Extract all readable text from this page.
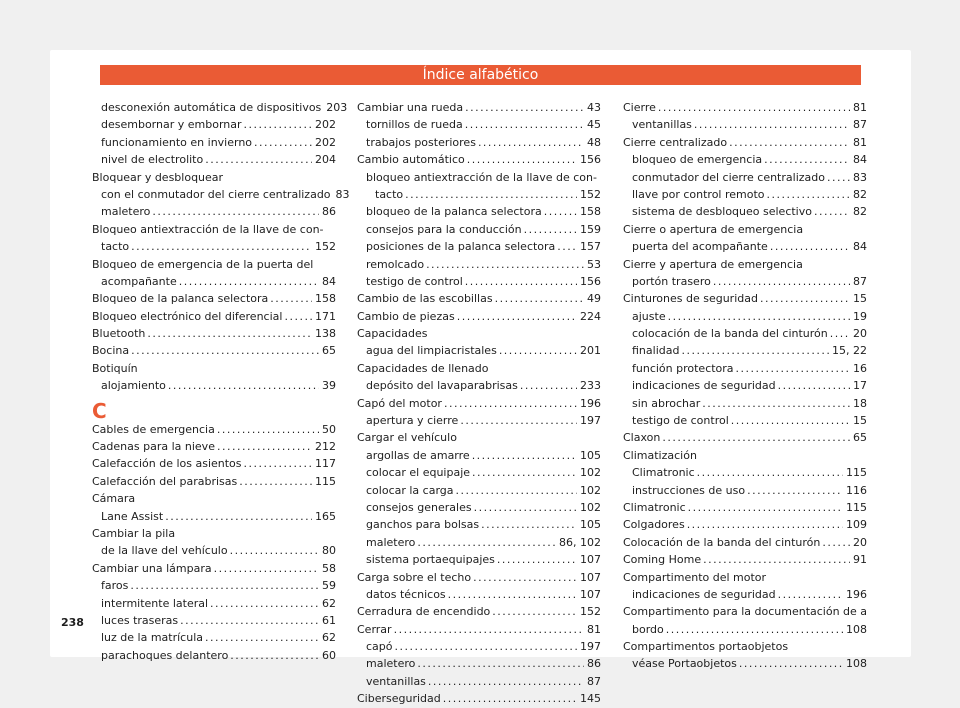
Índice alfabético
desconexión automática de dispositivos 203
desembornar y embornar .....	202
funcionamiento en invierno .....	202
nivel de electrolito .....	204
Bloquear y desbloquear
con el conmutador del cierre centralizado 83
maletero .....	86
Bloqueo antiextracción de la llave de con-
tacto .....	152
Bloqueo de emergencia de la puerta del
acompañante .....	84
Bloqueo de la palanca selectora .....	158
Bloqueo electrónico del diferencial .....	171
Bluetooth .....	138
Bocina .....	65
Botiquín
alojamiento .....	39
C
Cables de emergencia .....	50
Cadenas para la nieve .....	212
Calefacción de los asientos .....	117
Calefacción del parabrisas .....	115
Cámara
Lane Assist .....	165
Cambiar la pila
de la llave del vehículo .....	80
Cambiar una lámpara .....	58
faros .....	59
intermitente lateral .....	62
luces traseras .....	61
luz de la matrícula .....	62
parachoques delantero .....	60
Cambiar una rueda .....	43
tornillos de rueda .....	45
trabajos posteriores .....	48
Cambio automático .....	156
bloqueo antiextracción de la llave de con-
tacto .....	152
bloqueo de la palanca selectora .....	158
consejos para la conducción .....	159
posiciones de la palanca selectora ..... 157
remolcado .....	53
testigo de control .....	156
Cambio de las escobillas .....	49
Cambio de piezas .....	224
Capacidades
agua del limpiacristales .....	201
Capacidades de llenado
depósito del lavaparabrisas .....	233
Capó del motor .....	196
apertura y cierre .....	197
Cargar el vehículo
argollas de amarre .....	105
colocar el equipaje .....	102
colocar la carga .....	102
consejos generales .....	102
ganchos para bolsas .....	105
maletero .....	86, 102
sistema portaequipajes .....	107
Carga sobre el techo .....	107
datos técnicos .....	107
Cerradura de encendido .....	152
Cerrar .....	81
capó .....	197
maletero .....	86
ventanillas .....	87
Ciberseguridad .....	145
Cierre .....	81
ventanillas .....	87
Cierre centralizado .....	81
bloqueo de emergencia .....	84
conmutador del cierre centralizado .....	83
llave por control remoto .....	82
sistema de desbloqueo selectivo .....	82
Cierre o apertura de emergencia
puerta del acompañante .....	84
Cierre y apertura de emergencia
portón trasero .....	87
Cinturones de seguridad .....	15
ajuste .....	19
colocación de la banda del cinturón ..... 20
finalidad .....	15, 22
función protectora .....	16
indicaciones de seguridad .....	17
sin abrochar .....	18
testigo de control .....	15
Claxon .....	65
Climatización
Climatronic .....	115
instrucciones de uso .....	116
Climatronic .....	115
Colgadores .....	109
Colocación de la banda del cinturón .....	20
Coming Home .....	91
Compartimento del motor
indicaciones de seguridad .....	196
Compartimento para la documentación de a
bordo .....	108
Compartimentos portaobjetos
véase Portaobjetos .....	108
238
